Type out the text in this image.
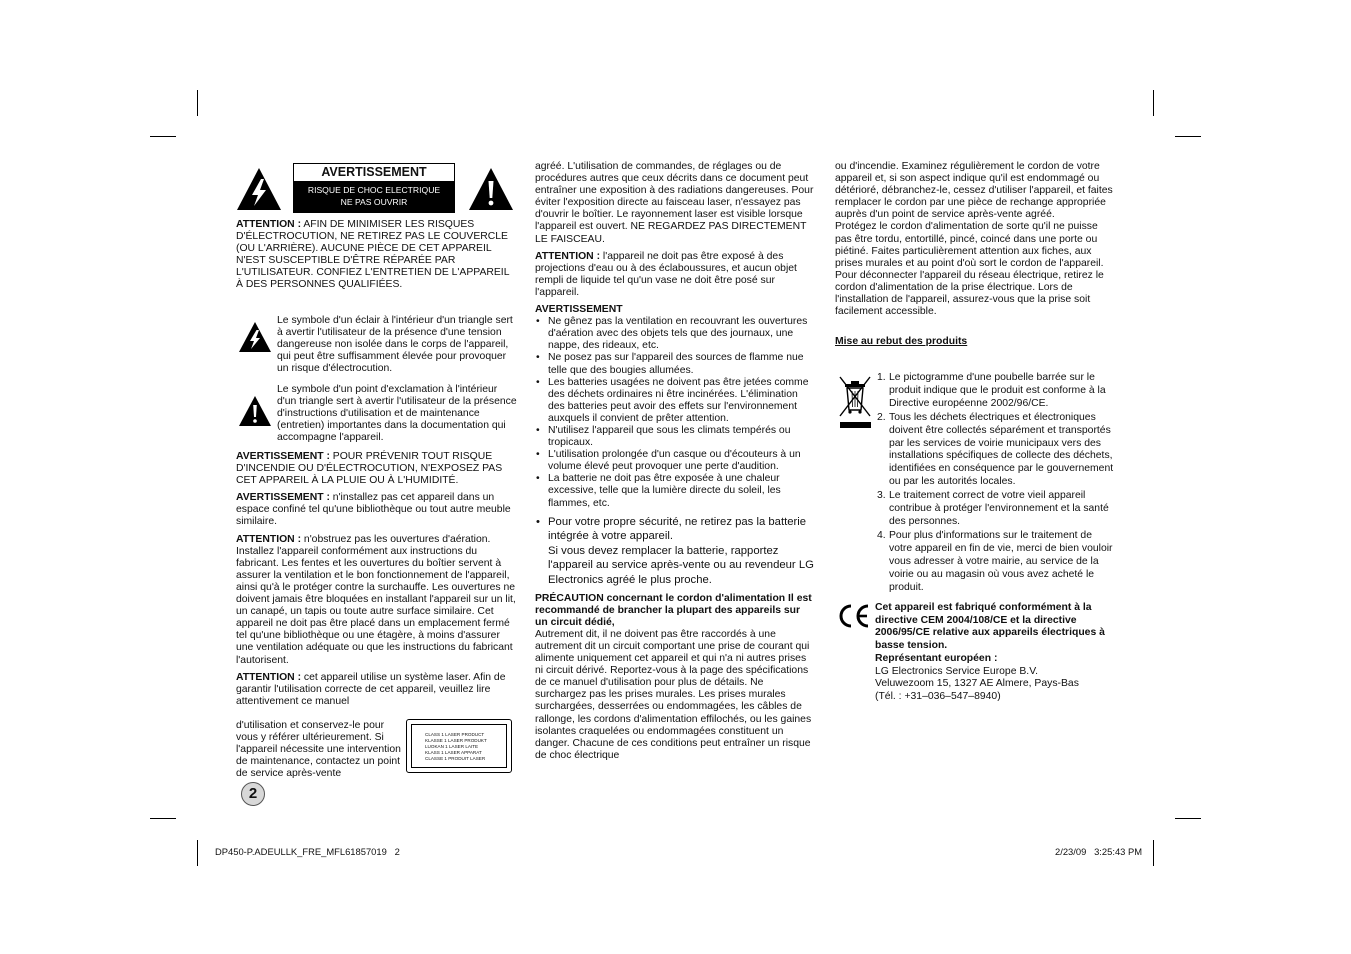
AVERTISSEMENT
RISQUE DE CHOC ELECTRIQUE
NE PAS OUVRIR

ATTENTION : AFIN DE MINIMISER LES RISQUES D'ÉLECTROCUTION, NE RETIREZ PAS LE COUVERCLE (OU L'ARRIÈRE). AUCUNE PIÈCE DE CET APPAREIL N'EST SUSCEPTIBLE D'ÊTRE RÉPARÉE PAR L'UTILISATEUR. CONFIEZ L'ENTRETIEN DE L'APPAREIL À DES PERSONNES QUALIFIÉES.

Le symbole d'un éclair à l'intérieur d'un triangle sert à avertir l'utilisateur de la présence d'une tension dangereuse non isolée dans le corps de l'appareil, qui peut être suffisamment élevée pour provoquer un risque d'électrocution.
Le symbole d'un point d'exclamation à l'intérieur d'un triangle sert à avertir l'utilisateur de la présence d'instructions d'utilisation et de maintenance (entretien) importantes dans la documentation qui accompagne l'appareil.

AVERTISSEMENT : POUR PRÉVENIR TOUT RISQUE D'INCENDIE OU D'ÉLECTROCUTION, N'EXPOSEZ PAS CET APPAREIL À LA PLUIE OU À L'HUMIDITÉ.

AVERTISSEMENT : n'installez pas cet appareil dans un espace confiné tel qu'une bibliothèque ou tout autre meuble similaire.

ATTENTION : n'obstruez pas les ouvertures d'aération. Installez l'appareil conformément aux instructions du fabricant. Les fentes et les ouvertures du boîtier servent à assurer la ventilation et le bon fonctionnement de l'appareil, ainsi qu'à le protéger contre la surchauffe. Les ouvertures ne doivent jamais être bloquées en installant l'appareil sur un lit, un canapé, un tapis ou toute autre surface similaire. Cet appareil ne doit pas être placé dans un emplacement fermé tel qu'une bibliothèque ou une étagère, à moins d'assurer une ventilation adéquate ou que les instructions du fabricant l'autorisent.

ATTENTION : cet appareil utilise un système laser. Afin de garantir l'utilisation correcte de cet appareil, veuillez lire attentivement ce manuel

d'utilisation et conservez-le pour vous y référer ultérieurement. Si l'appareil nécessite une intervention de maintenance, contactez un point de service après-vente
CLASS 1 LASER PRODUCT
KLASSE 1 LASER PRODUKT
LUOKAN 1 LASER LAITE
KLASS 1 LASER APPARAT
CLASSE 1 PRODUIT LASER
2

agréé. L'utilisation de commandes, de réglages ou de procédures autres que ceux décrits dans ce document peut entraîner une exposition à des radiations dangereuses. Pour éviter l'exposition directe au faisceau laser, n'essayez pas d'ouvrir le boîtier. Le rayonnement laser est visible lorsque l'appareil est ouvert. NE REGARDEZ PAS DIRECTEMENT LE FAISCEAU.

ATTENTION : l'appareil ne doit pas être exposé à des projections d'eau ou à des éclaboussures, et aucun objet rempli de liquide tel qu'un vase ne doit être posé sur l'appareil.

AVERTISSEMENT
• Ne gênez pas la ventilation en recouvrant les ouvertures d'aération avec des objets tels que des journaux, une nappe, des rideaux, etc.
• Ne posez pas sur l'appareil des sources de flamme nue telle que des bougies allumées.
• Les batteries usagées ne doivent pas être jetées comme des déchets ordinaires ni être incinérées. L'élimination des batteries peut avoir des effets sur l'environnement auxquels il convient de prêter attention.
• N'utilisez l'appareil que sous les climats tempérés ou tropicaux.
• L'utilisation prolongée d'un casque ou d'écouteurs à un volume élevé peut provoquer une perte d'audition.
• La batterie ne doit pas être exposée à une chaleur excessive, telle que la lumière directe du soleil, les flammes, etc.
• Pour votre propre sécurité, ne retirez pas la batterie intégrée à votre appareil.
Si vous devez remplacer la batterie, rapportez l'appareil au service après-vente ou au revendeur LG Electronics agréé le plus proche.
PRÉCAUTION concernant le cordon d'alimentation Il est recommandé de brancher la plupart des appareils sur un circuit dédié,
Autrement dit, il ne doivent pas être raccordés à une autrement dit un circuit comportant une prise de courant qui alimente uniquement cet appareil et qui n'a ni autres prises ni circuit dérivé. Reportez-vous à la page des spécifications de ce manuel d'utilisation pour plus de détails. Ne surchargez pas les prises murales. Les prises murales surchargées, desserrées ou endommagées, les câbles de rallonge, les cordons d'alimentation effilochés, ou les gaines isolantes craquelées ou endommagées constituent un danger. Chacune de ces conditions peut entraîner un risque de choc électrique
ou d'incendie. Examinez régulièrement le cordon de votre appareil et, si son aspect indique qu'il est endommagé ou détérioré, débranchez-le, cessez d'utiliser l'appareil, et faites remplacer le cordon par une pièce de rechange appropriée auprès d'un point de service après-vente agréé.
Protégez le cordon d'alimentation de sorte qu'il ne puisse pas être tordu, entortillé, pincé, coincé dans une porte ou piétiné. Faites particulièrement attention aux fiches, aux prises murales et au point d'où sort le cordon de l'appareil.
Pour déconnecter l'appareil du réseau électrique, retirez le cordon d'alimentation de la prise électrique. Lors de l'installation de l'appareil, assurez-vous que la prise soit facilement accessible.
Mise au rebut des produits
1. Le pictogramme d'une poubelle barrée sur le produit indique que le produit est conforme à la Directive européenne 2002/96/CE.
2. Tous les déchets électriques et électroniques doivent être collectés séparément et transportés par les services de voirie municipaux vers des installations spécifiques de collecte des déchets, identifiées en conséquence par le gouvernement ou par les autorités locales.
3. Le traitement correct de votre vieil appareil contribue à protéger l'environnement et la santé des personnes.
4. Pour plus d'informations sur le traitement de votre appareil en fin de vie, merci de bien vouloir vous adresser à votre mairie, au service de la voirie ou au magasin où vous avez acheté le produit.
Cet appareil est fabriqué conformément à la directive CEM 2004/108/CE et la directive 2006/95/CE relative aux appareils électriques à basse tension.
Représentant européen :
LG Electronics Service Europe B.V.
Veluwezoom 15, 1327 AE Almere, Pays-Bas
(Tél. : +31–036–547–8940)
DP450-P.ADEULLK_FRE_MFL61857019   2	2/23/09   3:25:43 PM
